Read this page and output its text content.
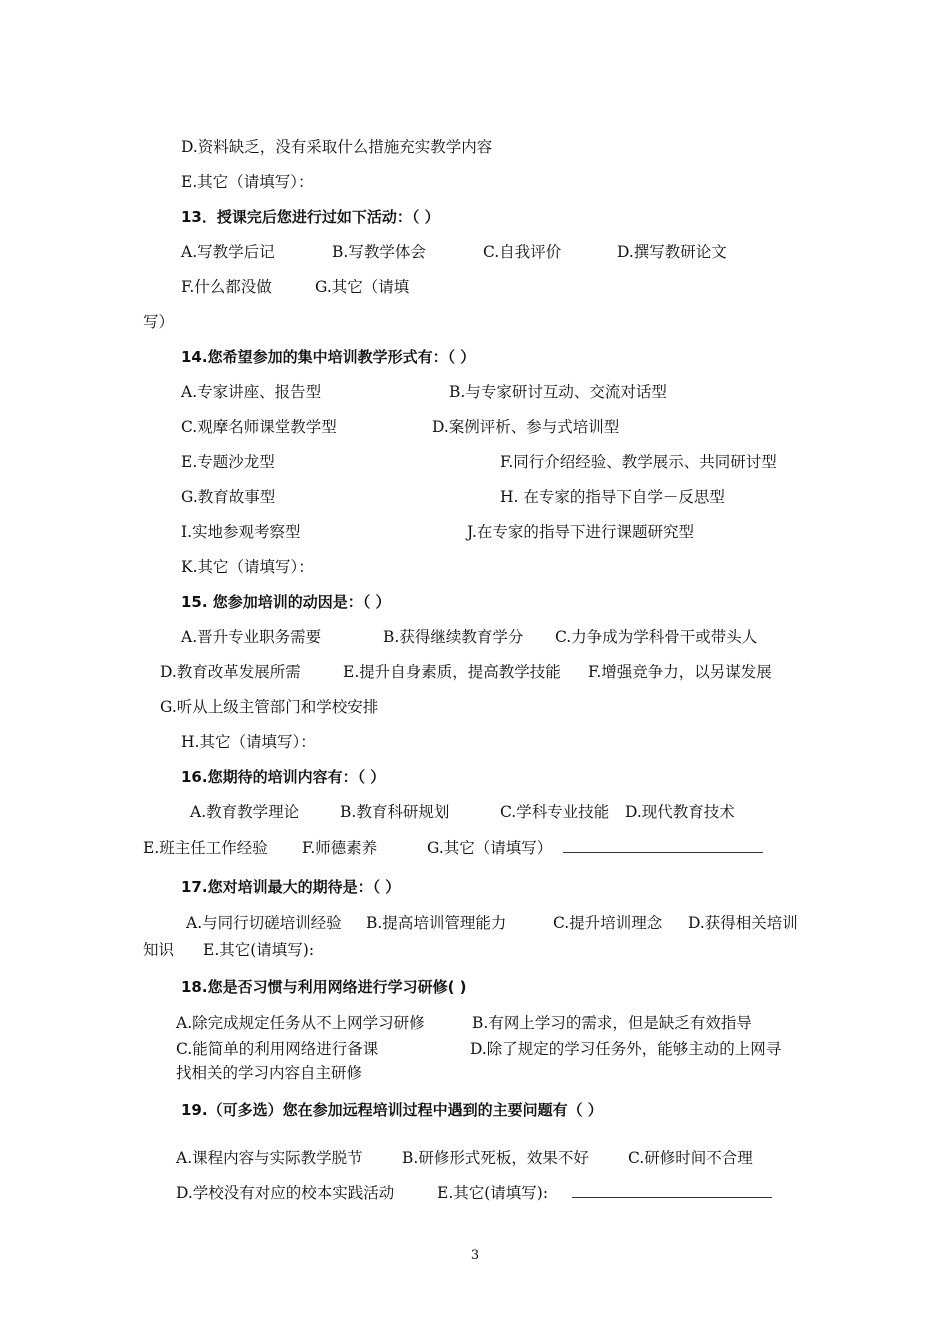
D.资料缺乏，没有采取什么措施充实教学内容
E.其它（请填写）：
13．授课完后您进行过如下活动：（ ）
A.写教学后记	B.写教学体会	C.自我评价	D.撰写教研论文
F.什么都没做	G.其它（请填
写）
14.您希望参加的集中培训教学形式有：（ ）
A.专家讲座、报告型	B.与专家研讨互动、交流对话型
C.观摩名师课堂教学型	D.案例评析、参与式培训型
E.专题沙龙型	F.同行介绍经验、教学展示、共同研讨型
G.教育故事型	H. 在专家的指导下自学－反思型
I.实地参观考察型	J.在专家的指导下进行课题研究型
K.其它（请填写）：
15. 您参加培训的动因是：（ ）
A.晋升专业职务需要	B.获得继续教育学分 C.力争成为学科骨干或带头人
D.教育改革发展所需	E.提升自身素质，提高教学技能 F.增强竞争力，以另谋发展
G.听从上级主管部门和学校安排
H.其它（请填写）：
16.您期待的培训内容有：（ ）
A.教育教学理论	B.教育科研规划	C.学科专业技能 D.现代教育技术
E.班主任工作经验 F.师德素养	G.其它（请填写）
17.您对培训最大的期待是：（ ）
A.与同行切磋培训经验 B.提高培训管理能力	C.提升培训理念 D.获得相关培训
知识 E.其它(请填写):
18.您是否习惯与利用网络进行学习研修( )
A.除完成规定任务从不上网学习研修	B.有网上学习的需求，但是缺乏有效指导
C.能简单的利用网络进行备课	D.除了规定的学习任务外，能够主动的上网寻
找相关的学习内容自主研修
19.（可多选）您在参加远程培训过程中遇到的主要问题有（ ）
A.课程内容与实际教学脱节	B.研修形式死板，效果不好	C.研修时间不合理
D.学校没有对应的校本实践活动	E.其它(请填写):
3
